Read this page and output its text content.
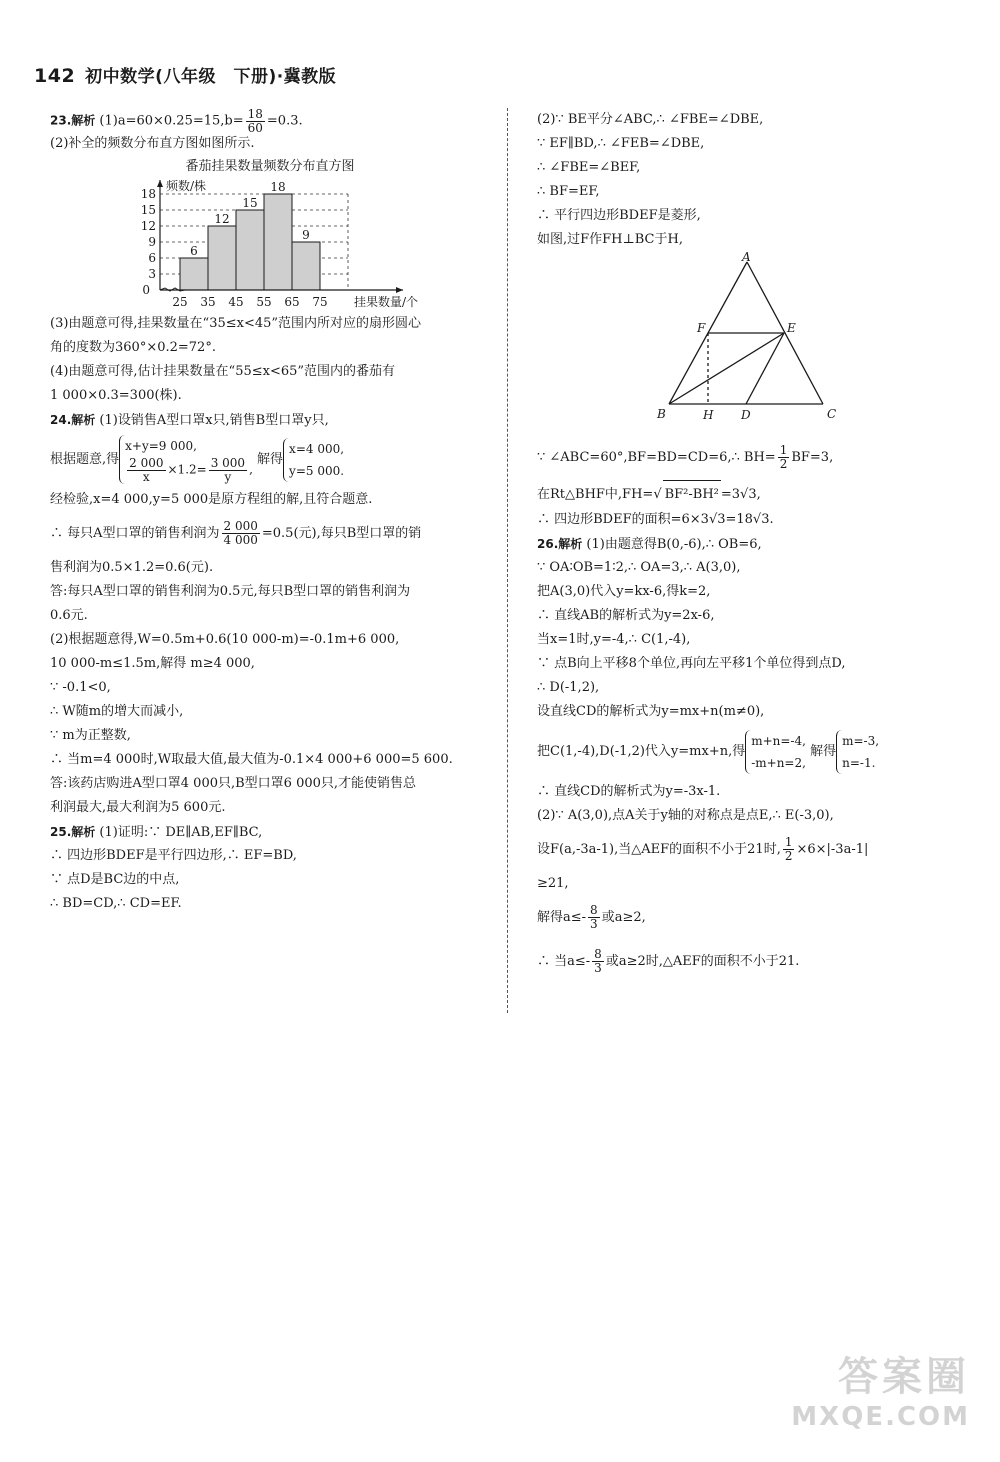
142 初中数学(八年级　下册)·冀教版
23.解析 $(1)a=60\times 0.25=15,b= \frac{18}{60} =0.3$.
(2)补全的频数分布直方图如图所示.
番茄挂果数量频数分布直方图
3
6
9
12
15
18
6
12
15
18
9
频数/株
挂果数量/个
0
25 35 45 55 65 75
(3)由题意可得,挂果数量在“35≤x<45”范围内所对应的扇形圆心
角的度数为360°×0.2=72°.
(4)由题意可得,估计挂果数量在“55≤x<65”范围内的番茄有
1 000×0.3=300(株).
24.解析 (1)设销售A型口罩x只,销售B型口罩y只,
根据题意,得
x+y=9 000,
$\frac{2 000}{x} \times 1.2= \frac{3 000}{y}$ ,
解得
x=4 000,
y=5 000.
经检验,x=4 000,y=5 000是原方程组的解,且符合题意.
∴ 每只A型口罩的销售利润为 $\frac{2 000}{4 000} =0.5$(元),每只B型口罩的销
售利润为0.5×1.2=0.6(元).
答:每只A型口罩的销售利润为0.5元,每只B型口罩的销售利润为
0.6元.
(2)根据题意得,W=0.5m+0.6(10 000-m)=-0.1m+6 000,
10 000-m≤1.5m,解得 m≥4 000,
∵ -0.1<0,
∴ W随m的增大而减小,
∵ m为正整数,
∴ 当m=4 000时,W取最大值,最大值为-0.1×4 000+6 000=5 600.
答:该药店购进A型口罩4 000只,B型口罩6 000只,才能使销售总
利润最大,最大利润为5 600元.
25.解析 (1)证明:∵ DE∥AB,EF∥BC,
∴ 四边形BDEF是平行四边形,∴ EF=BD,
∵ 点D是BC边的中点,
∴ BD=CD,∴ CD=EF.
(2)∵ BE平分∠ABC,∴ ∠FBE=∠DBE,
∵ EF∥BD,∴ ∠FEB=∠DBE,
∴ ∠FBE=∠BEF,
∴ BF=EF,
∴ 平行四边形BDEF是菱形,
如图,过F作FH⊥BC于H,
A
B	C
D
E
F
H
∵ ∠ABC=60°,BF=BD=CD=6,∴ $BH= \frac{1}{2} BF=3$,
在Rt△BHF中,FH=√ BF²-BH² =3√3,
∴ 四边形BDEF的面积=6×3√3=18√3.
26.解析 (1)由题意得B(0,-6),∴ OB=6,
∵ OA∶OB=1∶2,∴ OA=3,∴ A(3,0),
把A(3,0)代入y=kx-6,得k=2,
∴ 直线AB的解析式为y=2x-6,
当x=1时,y=-4,∴ C(1,-4),
∵ 点B向上平移8个单位,再向左平移1个单位得到点D,
∴ D(-1,2),
设直线CD的解析式为y=mx+n(m≠0),
把C(1,-4),D(-1,2)代入y=mx+n,得
m+n=-4,
-m+n=2,
解得
m=-3,
n=-1.
∴ 直线CD的解析式为y=-3x-1.
(2)∵ A(3,0),点A关于y轴的对称点是点E,∴ E(-3,0),
设F(a,-3a-1),当△AEF的面积不小于21时, $\frac{1}{2} \times 6\times|-3a-1|$
≥21,
解得$a\le- \frac{8}{3}$ 或a≥2,
∴ 当$a\le- \frac{8}{3}$ 或a≥2时,△AEF的面积不小于21.
答案圈
MXQE.COM
